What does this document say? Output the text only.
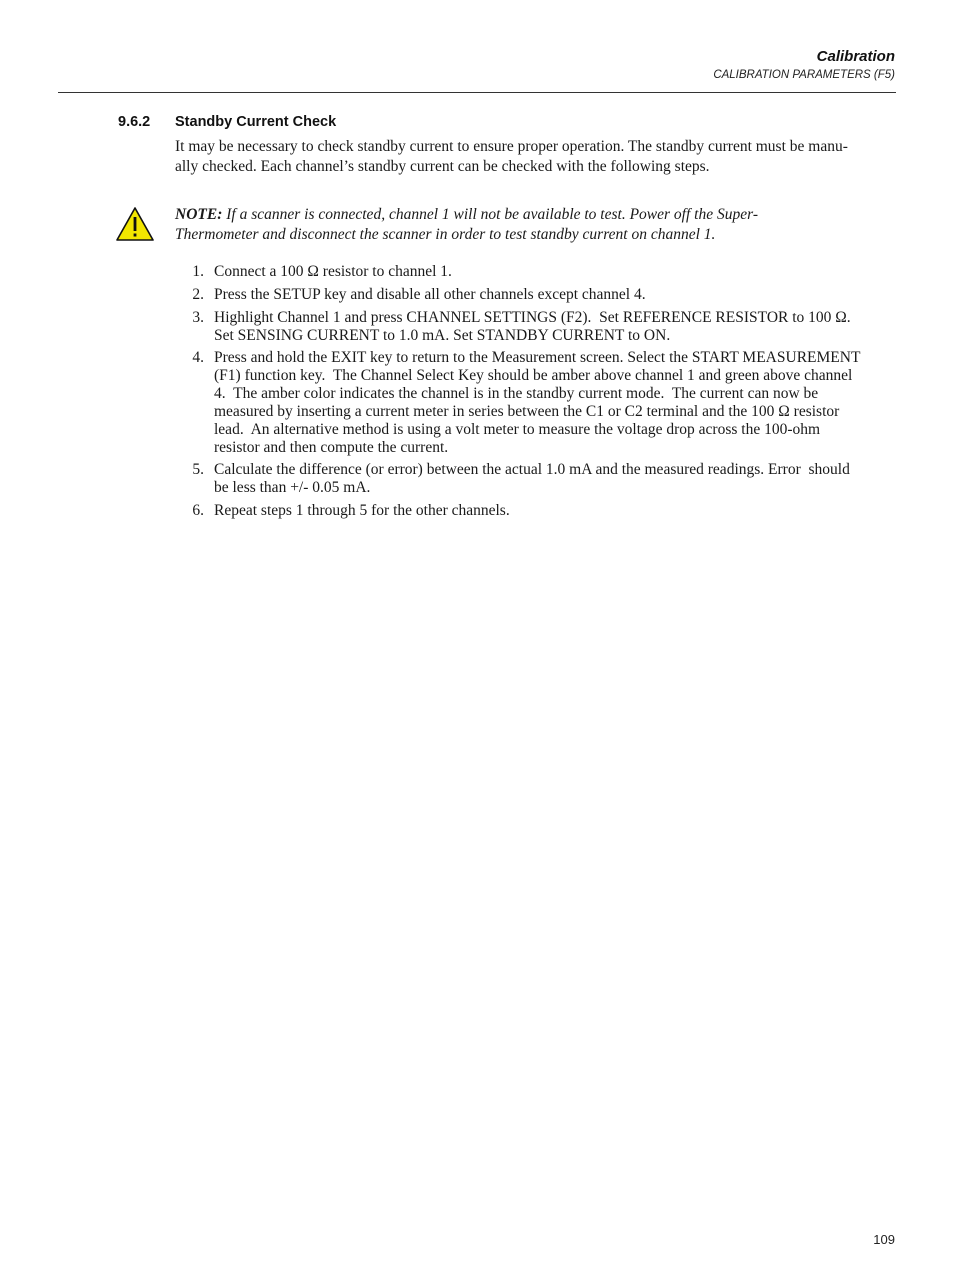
Calibration
CALIBRATION PARAMETERS (F5)
9.6.2 Standby Current Check
It may be necessary to check standby current to ensure proper operation. The standby current must be manu-
ally checked. Each channel’s standby current can be checked with the following steps.
NOTE: If a scanner is connected, channel 1 will not be available to test. Power off the Super-
Thermometer and disconnect the scanner in order to test standby current on channel 1.
1. Connect a 100 Ω resistor to channel 1.
2. Press the SETUP key and disable all other channels except channel 4.
3. Highlight Channel 1 and press CHANNEL SETTINGS (F2).  Set REFERENCE RESISTOR to 100 Ω.
Set SENSING CURRENT to 1.0 mA. Set STANDBY CURRENT to ON.
4. Press and hold the EXIT key to return to the Measurement screen. Select the START MEASUREMENT
(F1) function key.  The Channel Select Key should be amber above channel 1 and green above channel
4.  The amber color indicates the channel is in the standby current mode.  The current can now be
measured by inserting a current meter in series between the C1 or C2 terminal and the 100 Ω resistor
lead.  An alternative method is using a volt meter to measure the voltage drop across the 100-ohm
resistor and then compute the current.
5. Calculate the difference (or error) between the actual 1.0 mA and the measured readings. Error  should
be less than +/- 0.05 mA.
6. Repeat steps 1 through 5 for the other channels.
109
